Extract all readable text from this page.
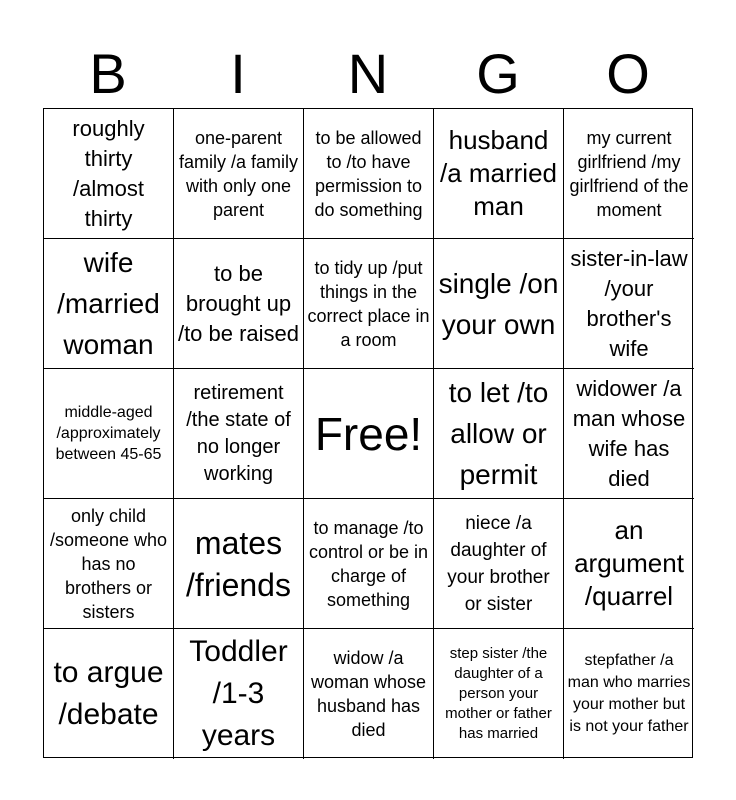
B	I	N	G	O
roughly thirty /almost thirty
one-parent family /a family with only one parent
to be allowed to /to have permission to do something
husband /a married man
my current girlfriend /my girlfriend of the moment
wife /married woman
to be brought up /to be raised
to tidy up /put things in the correct place in a room
single /on your own
sister-in-law /your brother's wife
middle-aged /approximately between 45-65
retirement /the state of no longer working
Free!
to let /to allow or permit
widower /a man whose wife has died
only child /someone who has no brothers or sisters
mates /friends
to manage /to control or be in charge of something
niece /a daughter of your brother or sister
an argument /quarrel
to argue /debate
Toddler /1-3 years
widow /a woman whose husband has died
step sister /the daughter of a person your mother or father has married
stepfather /a man who marries your mother but is not your father
